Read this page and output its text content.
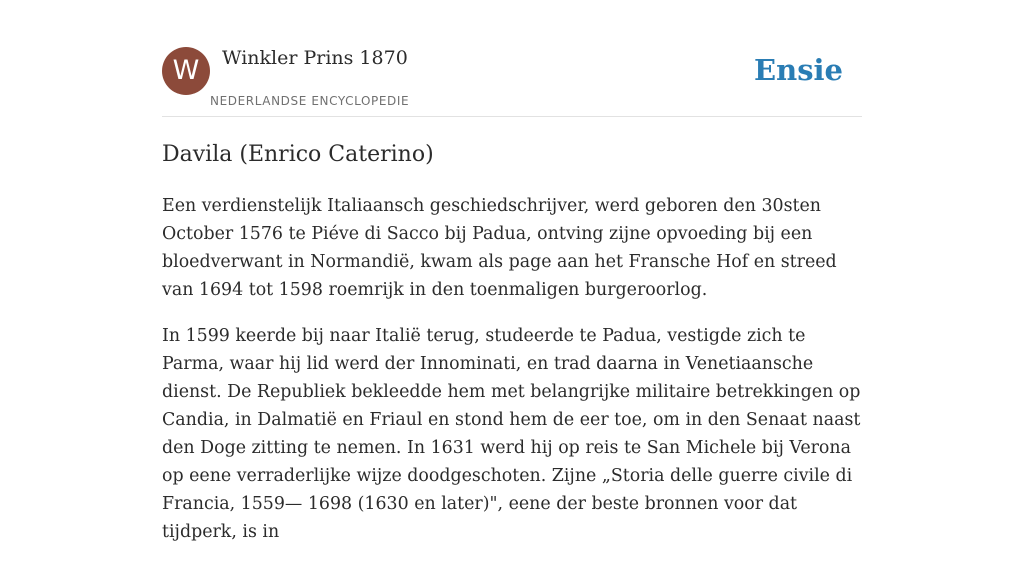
W	Winkler Prins 1870
NEDERLANDSE ENCYCLOPEDIE
Ensie
Davila (Enrico Caterino)

Een verdienstelijk Italiaansch geschiedschrijver, werd geboren den 30sten October 1576 te Piéve di Sacco bij Padua, ontving zijne opvoeding bij een bloedverwant in Normandië, kwam als page aan het Fransche Hof en streed van 1694 tot 1598 roemrijk in den toenmaligen burgeroorlog.

In 1599 keerde bij naar Italië terug, studeerde te Padua, vestigde zich te Parma, waar hij lid werd der Innominati, en trad daarna in Venetiaansche dienst. De Republiek bekleedde hem met belangrijke militaire betrekkingen op Candia, in Dalmatië en Friaul en stond hem de eer toe, om in den Senaat naast den Doge zitting te nemen. In 1631 werd hij op reis te San Michele bij Verona op eene verraderlijke wijze doodgeschoten. Zijne „Storia delle guerre civile di Francia, 1559— 1698 (1630 en later)", eene der beste bronnen voor dat tijdperk, is in
